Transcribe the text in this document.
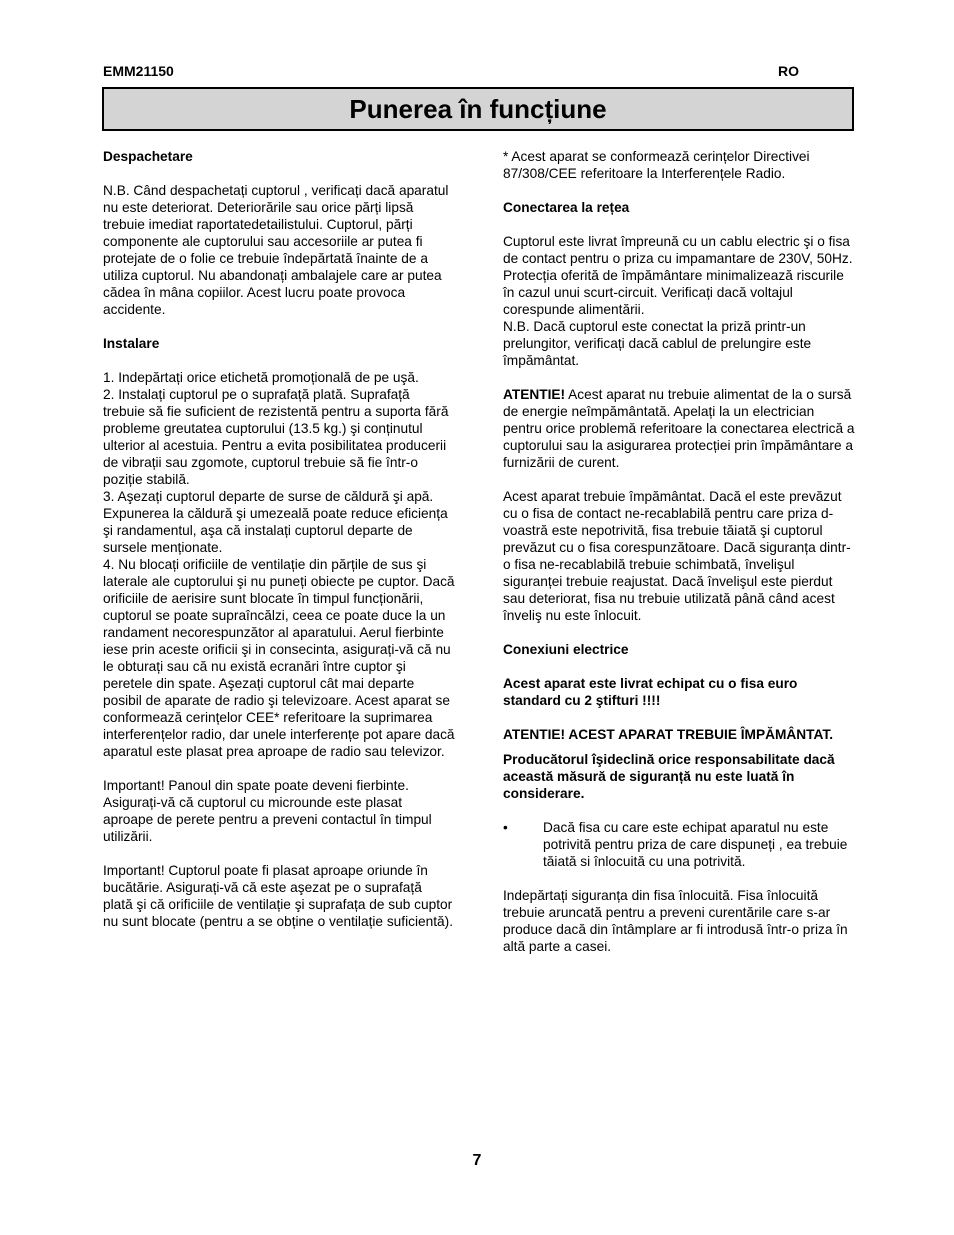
EMM21150	RO
Punerea în funcțiune

Despachetare

N.B. Când despachetați cuptorul , verificați dacă aparatul nu este deteriorat. Deteriorările sau orice părți lipsă trebuie imediat raportatedetailistului. Cuptorul, părți componente ale cuptorului sau accesoriile ar putea fi protejate de o folie ce trebuie îndepărtată înainte de a utiliza cuptorul. Nu abandonați ambalajele care ar putea cădea în mâna copiilor. Acest lucru poate provoca accidente.

Instalare

1. Indepărtați orice etichetă promoțională de pe uşă.
2. Instalați cuptorul pe o suprafață plată. Suprafață trebuie să fie suficient de rezistentă pentru a suporta fără probleme greutatea cuptorului (13.5 kg.) şi conținutul ulterior al acestuia. Pentru a evita posibilitatea producerii de vibrații sau zgomote, cuptorul trebuie să fie într-o poziție stabilă.
3. Aşezați cuptorul departe de surse de căldură şi apă. Expunerea la căldură şi umezeală poate reduce eficiența şi randamentul, aşa că instalați cuptorul departe de sursele menționate.
4. Nu blocați orificiile de ventilație din părțile de sus şi laterale ale cuptorului şi nu puneți obiecte pe cuptor. Dacă orificiile de aerisire sunt blocate în timpul funcționării, cuptorul se poate supraîncălzi, ceea ce poate duce la un randament necorespunzător al aparatului. Aerul fierbinte iese prin aceste orificii şi in consecinta, asigurați-vă că nu le obturați sau că nu există ecranări între cuptor şi peretele din spate. Aşezați cuptorul cât mai departe posibil de aparate de radio şi televizoare. Acest aparat se conformează cerințelor CEE* referitoare la suprimarea interferențelor radio, dar unele interferențe pot apare dacă aparatul este plasat prea aproape de radio sau televizor.

Important! Panoul din spate poate deveni fierbinte. Asigurați-vă că cuptorul cu microunde este plasat aproape de perete pentru a preveni contactul în timpul utilizării.

Important! Cuptorul poate fi plasat aproape oriunde în bucătărie. Asigurați-vă că este aşezat pe o suprafață plată şi că orificiile de ventilație şi suprafața de sub cuptor nu sunt blocate (pentru a se obține o ventilație suficientă).

* Acest aparat se conformează cerințelor Directivei 87/308/CEE referitoare la Interferențele Radio.

Conectarea la rețea

Cuptorul este livrat împreună cu un cablu electric şi o fisa de contact pentru o priza cu impamantare de 230V, 50Hz. Protecția oferită de împământare minimalizează riscurile în cazul unui scurt-circuit. Verificați dacă voltajul corespunde alimentării.
N.B. Dacă cuptorul este conectat la priză printr-un prelungitor, verificați dacă cablul de prelungire este împământat.

ATENTIE! Acest aparat nu trebuie alimentat de la o sursă de energie neîmpământată. Apelați la un electrician pentru orice problemă referitoare la conectarea electrică a cuptorului sau la asigurarea protecției prin împământare a furnizării de curent.

Acest aparat trebuie împământat. Dacă el este prevăzut cu o fisa de contact ne-recablabilă pentru care priza d-voastră este nepotrivită, fisa trebuie tăiată şi cuptorul prevăzut cu o fisa corespunzătoare. Dacă siguranța dintr-o fisa ne-recablabilă trebuie schimbată, învelişul siguranței trebuie reajustat. Dacă învelişul este pierdut sau deteriorat, fisa nu trebuie utilizată până când acest înveliş nu este înlocuit.

Conexiuni electrice

Acest aparat este livrat echipat cu o fisa euro standard cu 2 ştifturi !!!!

ATENTIE! ACEST APARAT TREBUIE ÎMPĂMÂNTAT.

Producătorul îşideclină orice responsabilitate dacă această măsură de siguranță nu este luată în considerare.

•	Dacă fisa cu care este echipat aparatul nu este potrivită pentru priza de care dispuneți , ea trebuie tăiată si înlocuită cu una potrivită.

Indepărtați siguranța din fisa înlocuită. Fisa înlocuită trebuie aruncată pentru a preveni curentările care s-ar produce dacă din întâmplare ar fi introdusă într-o priza în altă parte a casei.

7
